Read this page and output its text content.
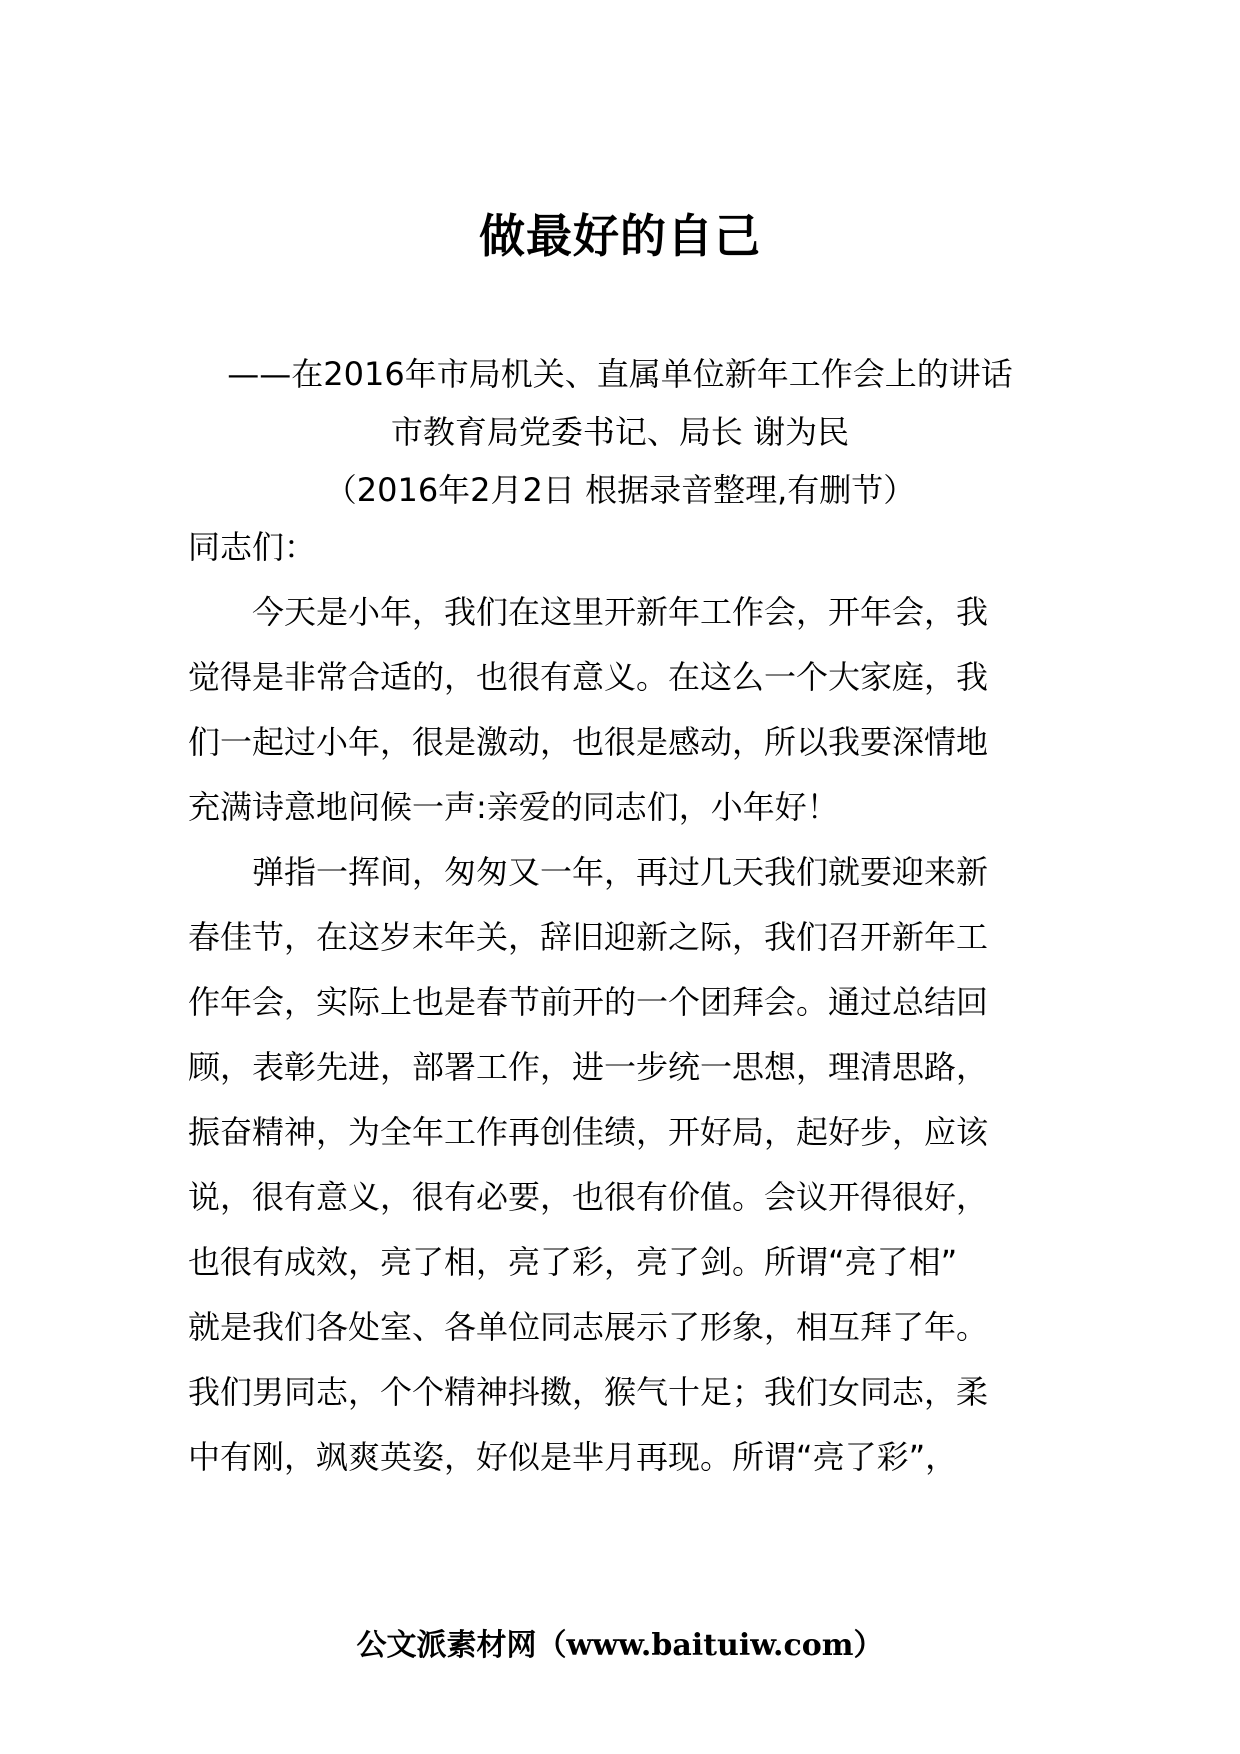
做最好的自己
——在2016年市局机关、直属单位新年工作会上的讲话
市教育局党委书记、局长 谢为民
（2016年2月2日 根据录音整理,有删节）
同志们：
　　今天是小年，我们在这里开新年工作会，开年会，我
觉得是非常合适的，也很有意义。在这么一个大家庭，我
们一起过小年，很是激动，也很是感动，所以我要深情地
充满诗意地问候一声:亲爱的同志们，小年好！
　　弹指一挥间，匆匆又一年，再过几天我们就要迎来新
春佳节，在这岁末年关，辞旧迎新之际，我们召开新年工
作年会，实际上也是春节前开的一个团拜会。通过总结回
顾，表彰先进，部署工作，进一步统一思想，理清思路，
振奋精神，为全年工作再创佳绩，开好局，起好步，应该
说，很有意义，很有必要，也很有价值。会议开得很好，
也很有成效，亮了相，亮了彩，亮了剑。所谓“亮了相”
就是我们各处室、各单位同志展示了形象，相互拜了年。
我们男同志，个个精神抖擞，猴气十足；我们女同志，柔
中有刚，飒爽英姿，好似是芈月再现。所谓“亮了彩”，
公文派素材网（www.baituiw.com）
